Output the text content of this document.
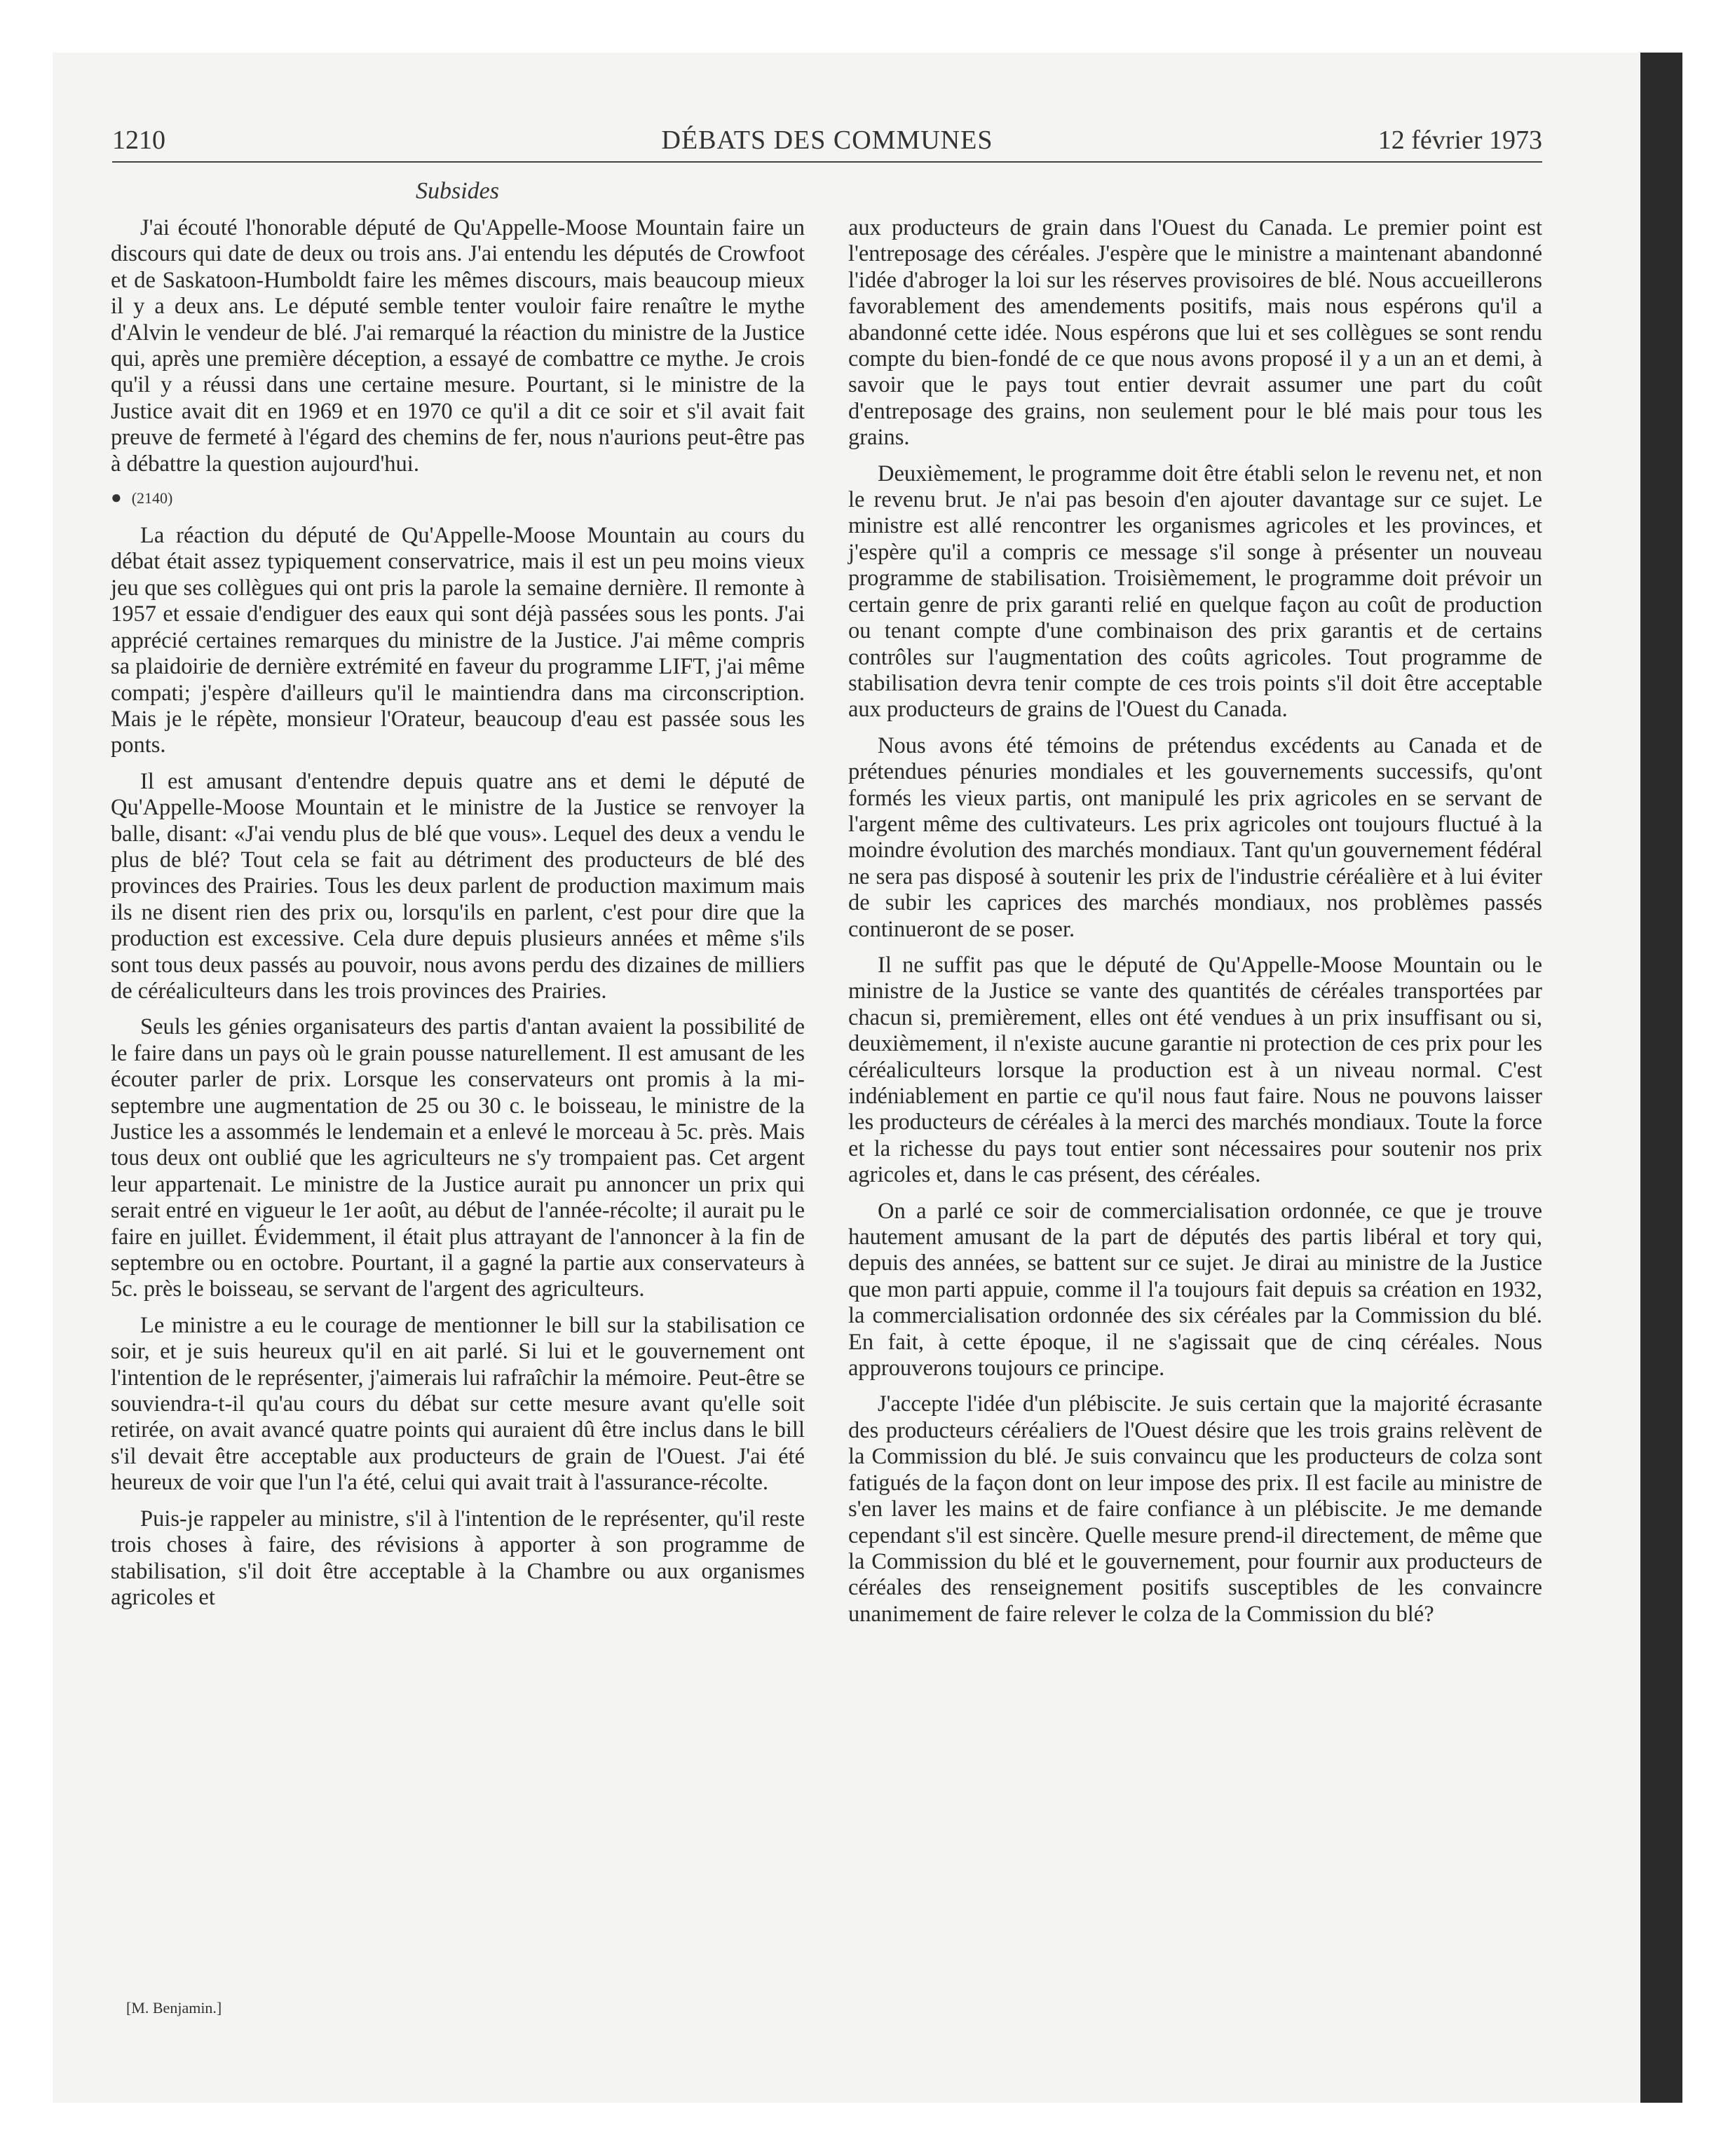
1210	DÉBATS DES COMMUNES	12 février 1973
Subsides

J'ai écouté l'honorable député de Qu'Appelle-Moose Mountain faire un discours qui date de deux ou trois ans. J'ai entendu les députés de Crowfoot et de Saskatoon-Humboldt faire les mêmes discours, mais beaucoup mieux il y a deux ans. Le député semble tenter vouloir faire renaître le mythe d'Alvin le vendeur de blé. J'ai remarqué la réaction du ministre de la Justice qui, après une première déception, a essayé de combattre ce mythe. Je crois qu'il y a réussi dans une certaine mesure. Pourtant, si le ministre de la Justice avait dit en 1969 et en 1970 ce qu'il a dit ce soir et s'il avait fait preuve de fermeté à l'égard des chemins de fer, nous n'aurions peut-être pas à débattre la question aujourd'hui.

● (2140)

La réaction du député de Qu'Appelle-Moose Mountain au cours du débat était assez typiquement conservatrice, mais il est un peu moins vieux jeu que ses collègues qui ont pris la parole la semaine dernière. Il remonte à 1957 et essaie d'endiguer des eaux qui sont déjà passées sous les ponts. J'ai apprécié certaines remarques du ministre de la Justice. J'ai même compris sa plaidoirie de dernière extrémité en faveur du programme LIFT, j'ai même compati; j'espère d'ailleurs qu'il le maintiendra dans ma circonscription. Mais je le répète, monsieur l'Orateur, beaucoup d'eau est passée sous les ponts.

Il est amusant d'entendre depuis quatre ans et demi le député de Qu'Appelle-Moose Mountain et le ministre de la Justice se renvoyer la balle, disant: «J'ai vendu plus de blé que vous». Lequel des deux a vendu le plus de blé? Tout cela se fait au détriment des producteurs de blé des provinces des Prairies. Tous les deux parlent de production maximum mais ils ne disent rien des prix ou, lorsqu'ils en parlent, c'est pour dire que la production est excessive. Cela dure depuis plusieurs années et même s'ils sont tous deux passés au pouvoir, nous avons perdu des dizaines de milliers de céréaliculteurs dans les trois provinces des Prairies.

Seuls les génies organisateurs des partis d'antan avaient la possibilité de le faire dans un pays où le grain pousse naturellement. Il est amusant de les écouter parler de prix. Lorsque les conservateurs ont promis à la mi-septembre une augmentation de 25 ou 30 c. le boisseau, le ministre de la Justice les a assommés le lendemain et a enlevé le morceau à 5c. près. Mais tous deux ont oublié que les agriculteurs ne s'y trompaient pas. Cet argent leur appartenait. Le ministre de la Justice aurait pu annoncer un prix qui serait entré en vigueur le 1er août, au début de l'année-récolte; il aurait pu le faire en juillet. Évidemment, il était plus attrayant de l'annoncer à la fin de septembre ou en octobre. Pourtant, il a gagné la partie aux conservateurs à 5c. près le boisseau, se servant de l'argent des agriculteurs.

Le ministre a eu le courage de mentionner le bill sur la stabilisation ce soir, et je suis heureux qu'il en ait parlé. Si lui et le gouvernement ont l'intention de le représenter, j'aimerais lui rafraîchir la mémoire. Peut-être se souviendra-t-il qu'au cours du débat sur cette mesure avant qu'elle soit retirée, on avait avancé quatre points qui auraient dû être inclus dans le bill s'il devait être acceptable aux producteurs de grain de l'Ouest. J'ai été heureux de voir que l'un l'a été, celui qui avait trait à l'assurance-récolte.

Puis-je rappeler au ministre, s'il à l'intention de le représenter, qu'il reste trois choses à faire, des révisions à apporter à son programme de stabilisation, s'il doit être acceptable à la Chambre ou aux organismes agricoles et

aux producteurs de grain dans l'Ouest du Canada. Le premier point est l'entreposage des céréales. J'espère que le ministre a maintenant abandonné l'idée d'abroger la loi sur les réserves provisoires de blé. Nous accueillerons favorablement des amendements positifs, mais nous espérons qu'il a abandonné cette idée. Nous espérons que lui et ses collègues se sont rendu compte du bien-fondé de ce que nous avons proposé il y a un an et demi, à savoir que le pays tout entier devrait assumer une part du coût d'entreposage des grains, non seulement pour le blé mais pour tous les grains.

Deuxièmement, le programme doit être établi selon le revenu net, et non le revenu brut. Je n'ai pas besoin d'en ajouter davantage sur ce sujet. Le ministre est allé rencontrer les organismes agricoles et les provinces, et j'espère qu'il a compris ce message s'il songe à présenter un nouveau programme de stabilisation. Troisièmement, le programme doit prévoir un certain genre de prix garanti relié en quelque façon au coût de production ou tenant compte d'une combinaison des prix garantis et de certains contrôles sur l'augmentation des coûts agricoles. Tout programme de stabilisation devra tenir compte de ces trois points s'il doit être acceptable aux producteurs de grains de l'Ouest du Canada.

Nous avons été témoins de prétendus excédents au Canada et de prétendues pénuries mondiales et les gouvernements successifs, qu'ont formés les vieux partis, ont manipulé les prix agricoles en se servant de l'argent même des cultivateurs. Les prix agricoles ont toujours fluctué à la moindre évolution des marchés mondiaux. Tant qu'un gouvernement fédéral ne sera pas disposé à soutenir les prix de l'industrie céréalière et à lui éviter de subir les caprices des marchés mondiaux, nos problèmes passés continueront de se poser.

Il ne suffit pas que le député de Qu'Appelle-Moose Mountain ou le ministre de la Justice se vante des quantités de céréales transportées par chacun si, premièrement, elles ont été vendues à un prix insuffisant ou si, deuxièmement, il n'existe aucune garantie ni protection de ces prix pour les céréaliculteurs lorsque la production est à un niveau normal. C'est indéniablement en partie ce qu'il nous faut faire. Nous ne pouvons laisser les producteurs de céréales à la merci des marchés mondiaux. Toute la force et la richesse du pays tout entier sont nécessaires pour soutenir nos prix agricoles et, dans le cas présent, des céréales.

On a parlé ce soir de commercialisation ordonnée, ce que je trouve hautement amusant de la part de députés des partis libéral et tory qui, depuis des années, se battent sur ce sujet. Je dirai au ministre de la Justice que mon parti appuie, comme il l'a toujours fait depuis sa création en 1932, la commercialisation ordonnée des six céréales par la Commission du blé. En fait, à cette époque, il ne s'agissait que de cinq céréales. Nous approuverons toujours ce principe.

J'accepte l'idée d'un plébiscite. Je suis certain que la majorité écrasante des producteurs céréaliers de l'Ouest désire que les trois grains relèvent de la Commission du blé. Je suis convaincu que les producteurs de colza sont fatigués de la façon dont on leur impose des prix. Il est facile au ministre de s'en laver les mains et de faire confiance à un plébiscite. Je me demande cependant s'il est sincère. Quelle mesure prend-il directement, de même que la Commission du blé et le gouvernement, pour fournir aux producteurs de céréales des renseignement positifs susceptibles de les convaincre unanimement de faire relever le colza de la Commission du blé?

[M. Benjamin.]
